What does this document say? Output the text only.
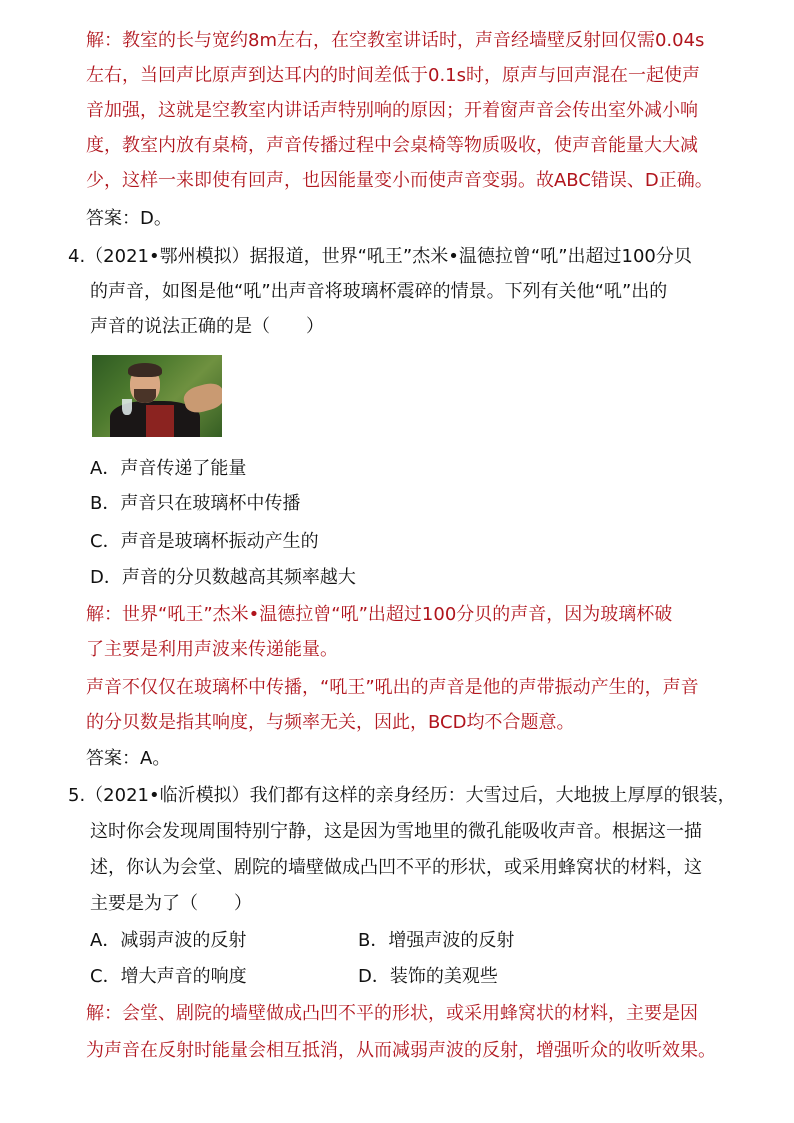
解：教室的长与宽约8m左右，在空教室讲话时，声音经墙壁反射回仅需0.04s
左右，当回声比原声到达耳内的时间差低于0.1s时，原声与回声混在一起使声
音加强，这就是空教室内讲话声特别响的原因；开着窗声音会传出室外减小响
度，教室内放有桌椅，声音传播过程中会桌椅等物质吸收，使声音能量大大减
少，这样一来即使有回声，也因能量变小而使声音变弱。故ABC错误、D正确。
答案：D。
4.（2021•鄂州模拟）据报道，世界“吼王”杰米•温德拉曾“吼”出超过100分贝
的声音，如图是他“吼”出声音将玻璃杯震碎的情景。下列有关他“吼”出的
声音的说法正确的是（　　）
A．声音传递了能量
B．声音只在玻璃杯中传播
C．声音是玻璃杯振动产生的
D．声音的分贝数越高其频率越大
解：世界“吼王”杰米•温德拉曾“吼”出超过100分贝的声音，因为玻璃杯破
了主要是利用声波来传递能量。
声音不仅仅在玻璃杯中传播，“吼王”吼出的声音是他的声带振动产生的，声音
的分贝数是指其响度，与频率无关，因此，BCD均不合题意。
答案：A。
5.（2021•临沂模拟）我们都有这样的亲身经历：大雪过后，大地披上厚厚的银装，
这时你会发现周围特别宁静，这是因为雪地里的微孔能吸收声音。根据这一描
述，你认为会堂、剧院的墙壁做成凸凹不平的形状，或采用蜂窝状的材料，这
主要是为了（　　）
A．减弱声波的反射	B．增强声波的反射
C．增大声音的响度	D．装饰的美观些
解：会堂、剧院的墙壁做成凸凹不平的形状，或采用蜂窝状的材料，主要是因
为声音在反射时能量会相互抵消，从而减弱声波的反射，增强听众的收听效果。
